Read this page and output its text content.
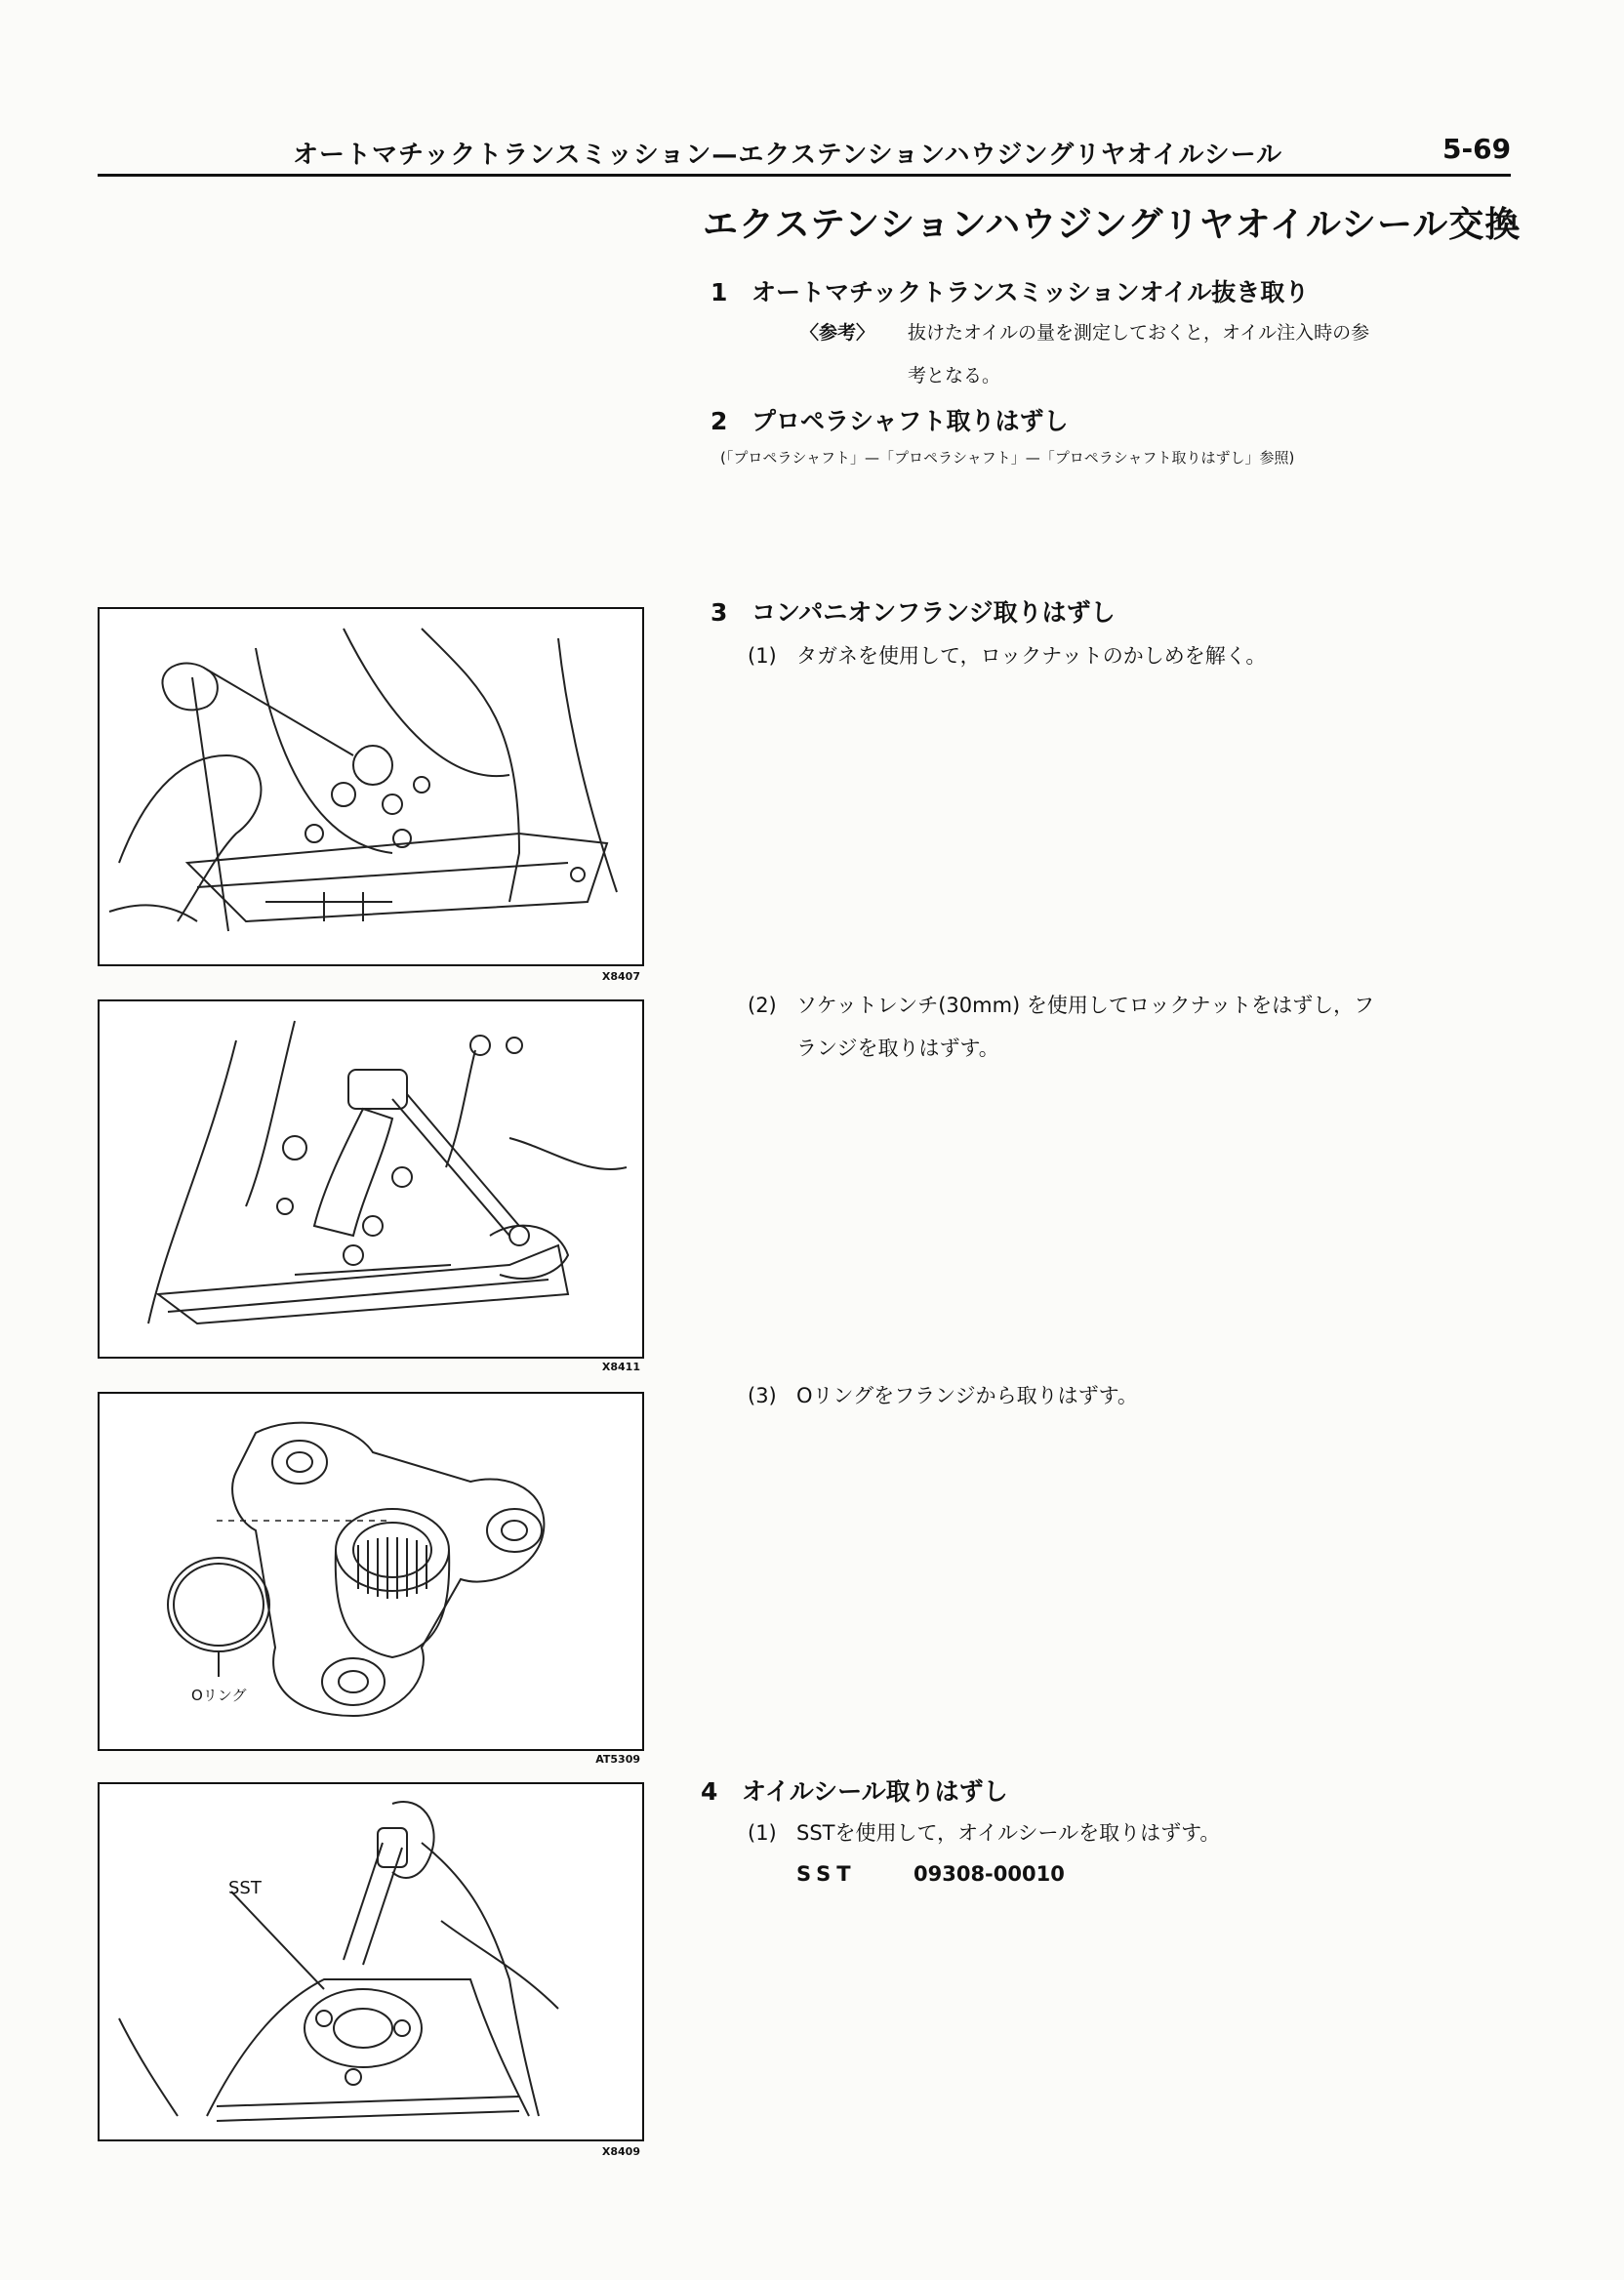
オートマチックトランスミッション—エクステンションハウジングリヤオイルシール	5-69
エクステンションハウジングリヤオイルシール交換
1 オートマチックトランスミッションオイル抜き取り
〈参考〉 抜けたオイルの量を測定しておくと，オイル注入時の参
考となる。
2 プロペラシャフト取りはずし
(「プロペラシャフト」—「プロペラシャフト」—「プロペラシャフト取りはずし」参照)
3 コンパニオンフランジ取りはずし
(1) タガネを使用して，ロックナットのかしめを解く。
(2) ソケットレンチ(30mm) を使用してロックナットをはずし，フ
ランジを取りはずす。
(3) Oリングをフランジから取りはずす。
4 オイルシール取りはずし
(1) SSTを使用して，オイルシールを取りはずす。
SST	09308-00010
X8407
X8411
Oリング
AT5309
SST
X8409
